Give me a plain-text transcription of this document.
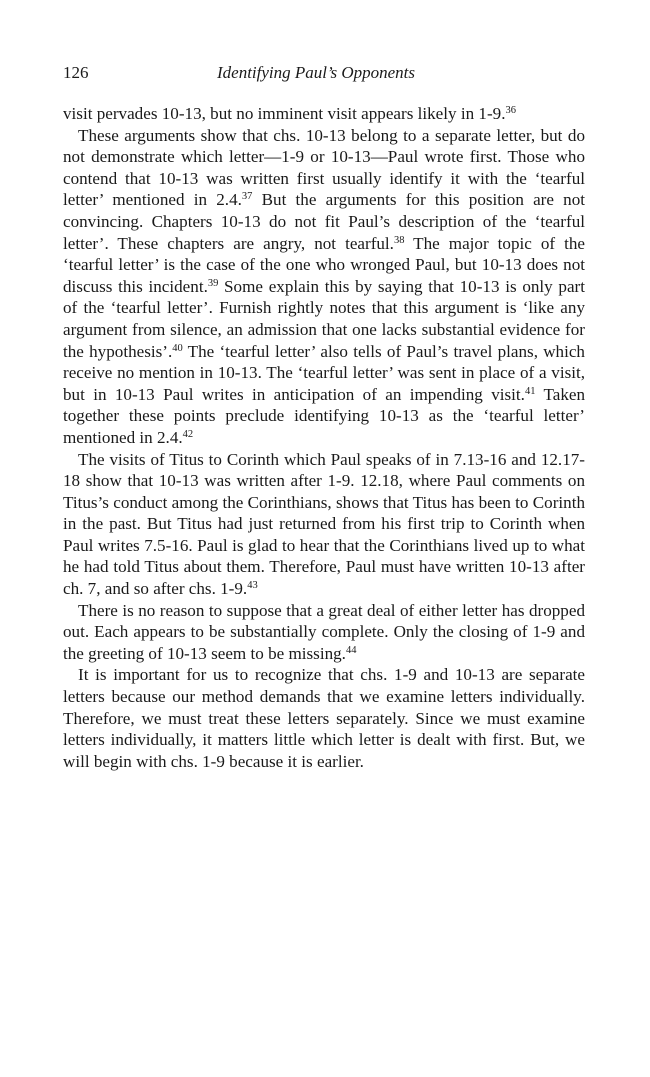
126	Identifying Paul’s Opponents

visit pervades 10-13, but no imminent visit appears likely in 1-9.36

These arguments show that chs. 10-13 belong to a separate letter, but do not demonstrate which letter—1-9 or 10-13—Paul wrote first. Those who contend that 10-13 was written first usually identify it with the ‘tearful letter’ mentioned in 2.4.37 But the arguments for this position are not convincing. Chapters 10-13 do not fit Paul’s description of the ‘tearful letter’. These chapters are angry, not tearful.$^{38}$ The major topic of the ‘tearful letter’ is the case of the one who wronged Paul, but 10-13 does not discuss this incident.$^{39}$ Some explain this by saying that 10-13 is only part of the ‘tearful letter’. Furnish rightly notes that this argument is ‘like any argument from silence, an admission that one lacks substantial evidence for the hypothesis’.$^{40}$ The ‘tearful letter’ also tells of Paul’s travel plans, which receive no mention in 10-13. The ‘tearful letter’ was sent in place of a visit, but in 10-13 Paul writes in anticipation of an impending visit.$^{41}$ Taken together these points preclude identifying 10-13 as the ‘tearful letter’ mentioned in 2.4.42

The visits of Titus to Corinth which Paul speaks of in 7.13-16 and 12.17-18 show that 10-13 was written after 1-9. 12.18, where Paul comments on Titus’s conduct among the Corinthians, shows that Titus has been to Corinth in the past. But Titus had just returned from his first trip to Corinth when Paul writes 7.5-16. Paul is glad to hear that the Corinthians lived up to what he had told Titus about them. Therefore, Paul must have written 10-13 after ch. 7, and so after chs. 1-9.43

There is no reason to suppose that a great deal of either letter has dropped out. Each appears to be substantially complete. Only the closing of 1-9 and the greeting of 10-13 seem to be missing.$^{44}$

It is important for us to recognize that chs. 1-9 and 10-13 are separate letters because our method demands that we examine letters individually. Therefore, we must treat these letters separately. Since we must examine letters individually, it matters little which letter is dealt with first. But, we will begin with chs. 1-9 because it is earlier.
